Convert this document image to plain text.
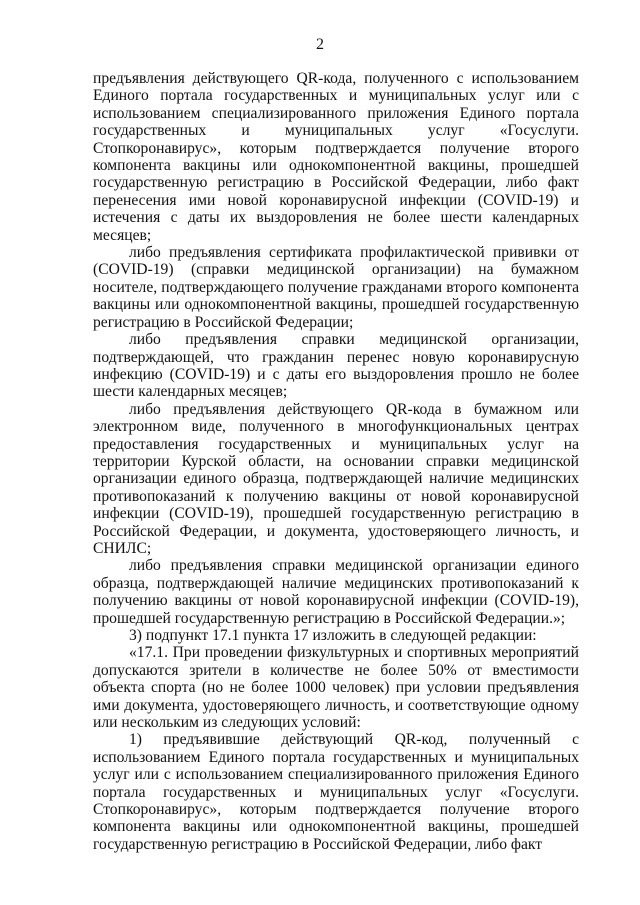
2

предъявления действующего QR-кода, полученного с использованием Единого портала государственных и муниципальных услуг или с использованием специализированного приложения Единого портала государственных и муниципальных услуг «Госуслуги. Стопкоронавирус», которым подтверждается получение второго компонента вакцины или однокомпонентной вакцины, прошедшей государственную регистрацию в Российской Федерации, либо факт перенесения ими новой коронавирусной инфекции (COVID-19) и истечения с даты их выздоровления не более шести календарных месяцев;

либо предъявления сертификата профилактической прививки от (COVID-19) (справки медицинской организации) на бумажном носителе, подтверждающего получение гражданами второго компонента вакцины или однокомпонентной вакцины, прошедшей государственную регистрацию в Российской Федерации;

либо предъявления справки медицинской организации, подтверждающей, что гражданин перенес новую коронавирусную инфекцию (COVID-19) и с даты его выздоровления прошло не более шести календарных месяцев;

либо предъявления действующего QR-кода в бумажном или электронном виде, полученного в многофункциональных центрах предоставления государственных и муниципальных услуг на территории Курской области, на основании справки медицинской организации единого образца, подтверждающей наличие медицинских противопоказаний к получению вакцины от новой коронавирусной инфекции (COVID-19), прошедшей государственную регистрацию в Российской Федерации, и документа, удостоверяющего личность, и СНИЛС;

либо предъявления справки медицинской организации единого образца, подтверждающей наличие медицинских противопоказаний к получению вакцины от новой коронавирусной инфекции (COVID-19), прошедшей государственную регистрацию в Российской Федерации.»;

3) подпункт 17.1 пункта 17 изложить в следующей редакции:

«17.1. При проведении физкультурных и спортивных мероприятий допускаются зрители в количестве не более 50% от вместимости объекта спорта (но не более 1000 человек) при условии предъявления ими документа, удостоверяющего личность, и соответствующие одному или нескольким из следующих условий:

1) предъявившие действующий QR-код, полученный с использованием Единого портала государственных и муниципальных услуг или с использованием специализированного приложения Единого портала государственных и муниципальных услуг «Госуслуги. Стопкоронавирус», которым подтверждается получение второго компонента вакцины или однокомпонентной вакцины, прошедшей государственную регистрацию в Российской Федерации, либо факт
